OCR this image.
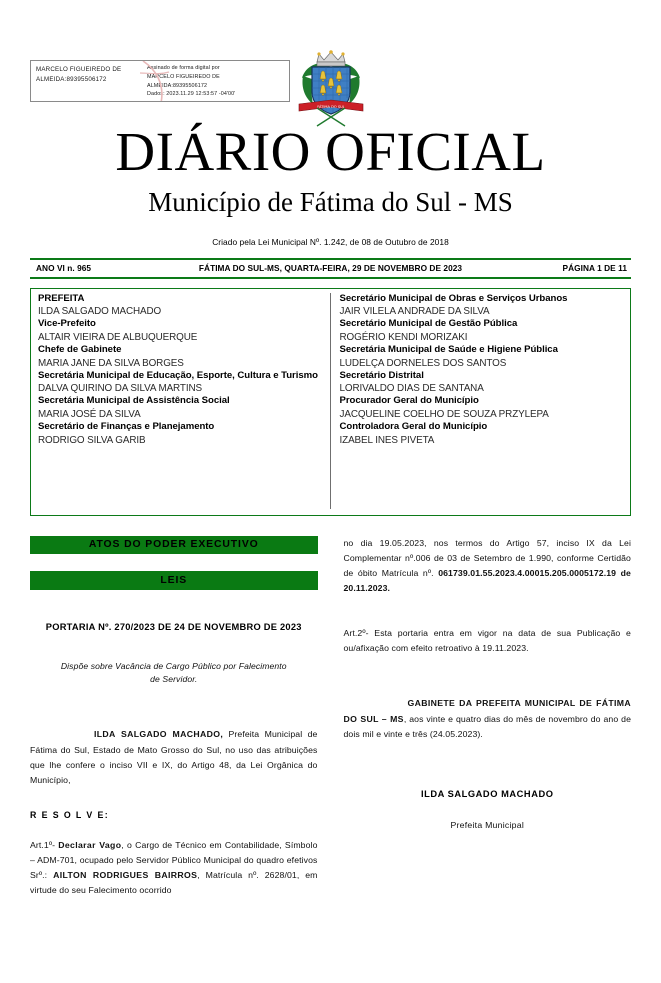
MARCELO FIGUEIREDO DE
ALMEIDA:89395506172
Assinado de forma digital por
MARCELO FIGUEIREDO DE
ALMEIDA:89395506172
Dados: 2023.11.29 12:53:57 -04'00'
FÁTIMA DO SUL
DIÁRIO OFICIAL
Município de Fátima do Sul - MS
Criado pela Lei Municipal Nº. 1.242, de 08 de Outubro de 2018
ANO VI n. 965	FÁTIMA DO SUL-MS, QUARTA-FEIRA, 29 DE NOVEMBRO DE 2023	PÁGINA 1 DE 11
PREFEITA
ILDA SALGADO MACHADO
Vice-Prefeito
ALTAIR VIEIRA DE ALBUQUERQUE
Chefe de Gabinete
MARIA JANE DA SILVA BORGES
Secretária Municipal de Educação, Esporte, Cultura e Turismo
DALVA QUIRINO DA SILVA MARTINS
Secretária Municipal de Assistência Social
MARIA JOSÉ DA SILVA
Secretário de Finanças e Planejamento
RODRIGO SILVA GARIB
Secretário Municipal de Obras e Serviços Urbanos
JAIR VILELA ANDRADE DA SILVA
Secretário Municipal de Gestão Pública
ROGÉRIO KENDI MORIZAKI
Secretária Municipal de Saúde e Higiene Pública
LUDELÇA DORNELES DOS SANTOS
Secretário Distrital
LORIVALDO DIAS DE SANTANA
Procurador Geral do Município
JACQUELINE COELHO DE SOUZA PRZYLEPA
Controladora Geral do Município
IZABEL INES PIVETA
ATOS DO PODER EXECUTIVO
LEIS
PORTARIA Nº. 270/2023 DE 24 DE NOVEMBRO DE 2023
Dispõe sobre Vacância de Cargo Público por Falecimento de Servidor.

ILDA SALGADO MACHADO, Prefeita Municipal de Fátima do Sul, Estado de Mato Grosso do Sul, no uso das atribuições que lhe confere o inciso VII e IX, do Artigo 48, da Lei Orgânica do Município,

R E S O L V E:

Art.1º- Declarar Vago, o Cargo de Técnico em Contabilidade, Símbolo – ADM-701, ocupado pelo Servidor Público Municipal do quadro efetivos Srº.: AILTON RODRIGUES BAIRROS, Matrícula nº. 2628/01, em virtude do seu Falecimento ocorrido

no dia 19.05.2023, nos termos do Artigo 57, inciso IX da Lei Complementar nº.006 de 03 de Setembro de 1.990, conforme Certidão de óbito Matrícula nº. 061739.01.55.2023.4.00015.205.0005172.19 de 20.11.2023.

Art.2º- Esta portaria entra em vigor na data de sua Publicação e ou/afixação com efeito retroativo à 19.11.2023.

GABINETE DA PREFEITA MUNICIPAL DE FÁTIMA DO SUL – MS, aos vinte e quatro dias do mês de novembro do ano de dois mil e vinte e três (24.05.2023).

ILDA SALGADO MACHADO
Prefeita Municipal
